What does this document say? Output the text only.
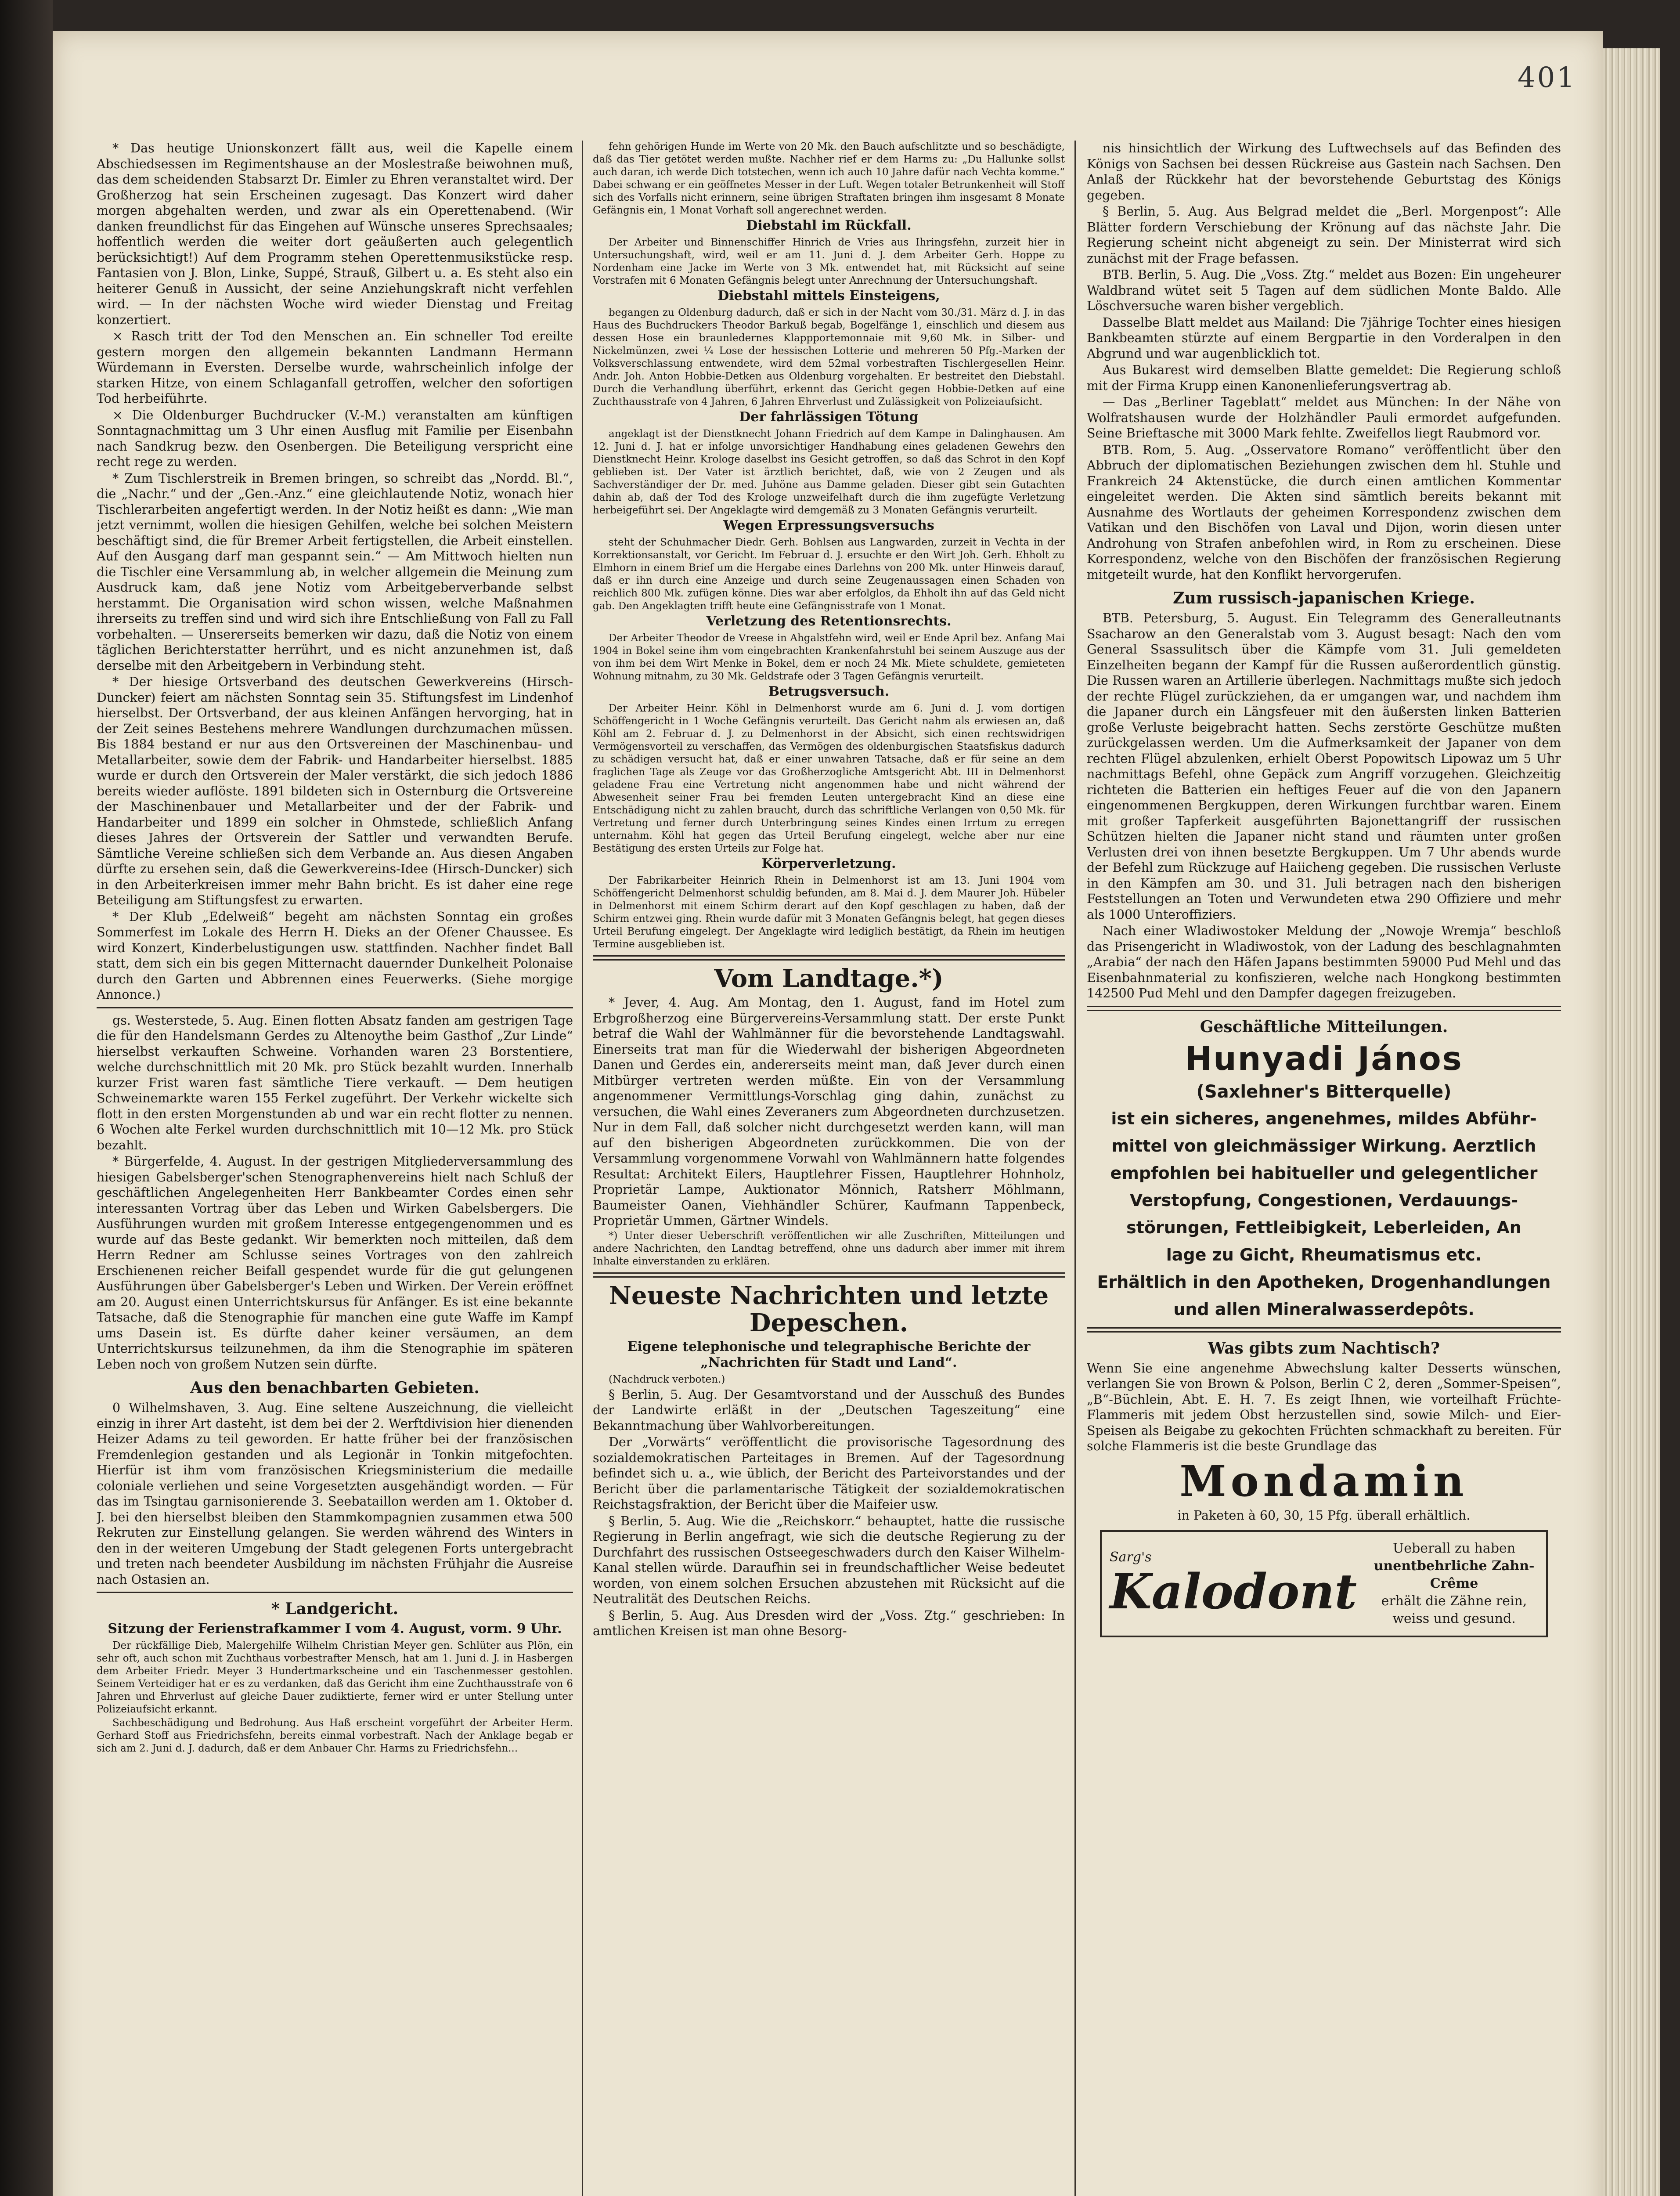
401

* Das heutige Unionskonzert fällt aus, weil die Kapelle einem Abschiedsessen im Regimentshause an der Moslestraße beiwohnen muß, das dem scheidenden Stabsarzt Dr. Eimler zu Ehren veranstaltet wird. Der Großherzog hat sein Erscheinen zugesagt. Das Konzert wird daher morgen abgehalten werden, und zwar als ein Operettenabend. (Wir danken freundlichst für das Eingehen auf Wünsche unseres Sprechsaales; hoffentlich werden die weiter dort geäußerten auch gelegentlich berücksichtigt!) Auf dem Programm stehen Operettenmusikstücke resp. Fantasien von J. Blon, Linke, Suppé, Strauß, Gilbert u. a. Es steht also ein heiterer Genuß in Aussicht, der seine Anziehungskraft nicht verfehlen wird. — In der nächsten Woche wird wieder Dienstag und Freitag konzertiert.

× Rasch tritt der Tod den Menschen an. Ein schneller Tod ereilte gestern morgen den allgemein bekannten Landmann Hermann Würdemann in Eversten. Derselbe wurde, wahrscheinlich infolge der starken Hitze, von einem Schlaganfall getroffen, welcher den sofortigen Tod herbeiführte.

× Die Oldenburger Buchdrucker (V.-M.) veranstalten am künftigen Sonntagnachmittag um 3 Uhr einen Ausflug mit Familie per Eisenbahn nach Sandkrug bezw. den Osenbergen. Die Beteiligung verspricht eine recht rege zu werden.

* Zum Tischlerstreik in Bremen bringen, so schreibt das „Nordd. Bl.“, die „Nachr.“ und der „Gen.-Anz.“ eine gleichlautende Notiz, wonach hier Tischlerarbeiten angefertigt werden. In der Notiz heißt es dann: „Wie man jetzt vernimmt, wollen die hiesigen Gehilfen, welche bei solchen Meistern beschäftigt sind, die für Bremer Arbeit fertigstellen, die Arbeit einstellen. Auf den Ausgang darf man gespannt sein.“ — Am Mittwoch hielten nun die Tischler eine Versammlung ab, in welcher allgemein die Meinung zum Ausdruck kam, daß jene Notiz vom Arbeitgeberverbande selbst herstammt. Die Organisation wird schon wissen, welche Maßnahmen ihrerseits zu treffen sind und wird sich ihre Entschließung von Fall zu Fall vorbehalten. — Unsererseits bemerken wir dazu, daß die Notiz von einem täglichen Berichterstatter herrührt, und es nicht anzunehmen ist, daß derselbe mit den Arbeitgebern in Verbindung steht.

* Der hiesige Ortsverband des deutschen Gewerkvereins (Hirsch-Duncker) feiert am nächsten Sonntag sein 35. Stiftungsfest im Lindenhof hierselbst. Der Ortsverband, der aus kleinen Anfängen hervorging, hat in der Zeit seines Bestehens mehrere Wandlungen durchzumachen müssen. Bis 1884 bestand er nur aus den Ortsvereinen der Maschinenbau- und Metallarbeiter, sowie dem der Fabrik- und Handarbeiter hierselbst. 1885 wurde er durch den Ortsverein der Maler verstärkt, die sich jedoch 1886 bereits wieder auflöste. 1891 bildeten sich in Osternburg die Ortsvereine der Maschinenbauer und Metallarbeiter und der der Fabrik- und Handarbeiter und 1899 ein solcher in Ohmstede, schließlich Anfang dieses Jahres der Ortsverein der Sattler und verwandten Berufe. Sämtliche Vereine schließen sich dem Verbande an. Aus diesen Angaben dürfte zu ersehen sein, daß die Gewerkvereins-Idee (Hirsch-Duncker) sich in den Arbeiterkreisen immer mehr Bahn bricht. Es ist daher eine rege Beteiligung am Stiftungsfest zu erwarten.

* Der Klub „Edelweiß“ begeht am nächsten Sonntag ein großes Sommerfest im Lokale des Herrn H. Dieks an der Ofener Chaussee. Es wird Konzert, Kinderbelustigungen usw. stattfinden. Nachher findet Ball statt, dem sich ein bis gegen Mitternacht dauernder Dunkelheit Polonaise durch den Garten und Abbrennen eines Feuerwerks. (Siehe morgige Annonce.)

gs. Westerstede, 5. Aug. Einen flotten Absatz fanden am gestrigen Tage die für den Handelsmann Gerdes zu Altenoythe beim Gasthof „Zur Linde“ hierselbst verkauften Schweine. Vorhanden waren 23 Borstentiere, welche durchschnittlich mit 20 Mk. pro Stück bezahlt wurden. Innerhalb kurzer Frist waren fast sämtliche Tiere verkauft. — Dem heutigen Schweinemarkte waren 155 Ferkel zugeführt. Der Verkehr wickelte sich flott in den ersten Morgenstunden ab und war ein recht flotter zu nennen. 6 Wochen alte Ferkel wurden durchschnittlich mit 10—12 Mk. pro Stück bezahlt.

* Bürgerfelde, 4. August. In der gestrigen Mitgliederversammlung des hiesigen Gabelsberger'schen Stenographenvereins hielt nach Schluß der geschäftlichen Angelegenheiten Herr Bankbeamter Cordes einen sehr interessanten Vortrag über das Leben und Wirken Gabelsbergers. Die Ausführungen wurden mit großem Interesse entgegengenommen und es wurde auf das Beste gedankt. Wir bemerkten noch mitteilen, daß dem Herrn Redner am Schlusse seines Vortrages von den zahlreich Erschienenen reicher Beifall gespendet wurde für die gut gelungenen Ausführungen über Gabelsberger's Leben und Wirken. Der Verein eröffnet am 20. August einen Unterrichtskursus für Anfänger. Es ist eine bekannte Tatsache, daß die Stenographie für manchen eine gute Waffe im Kampf ums Dasein ist. Es dürfte daher keiner versäumen, an dem Unterrichtskursus teilzunehmen, da ihm die Stenographie im späteren Leben noch von großem Nutzen sein dürfte.

Aus den benachbarten Gebieten.

0 Wilhelmshaven, 3. Aug. Eine seltene Auszeichnung, die vielleicht einzig in ihrer Art dasteht, ist dem bei der 2. Werftdivision hier dienenden Heizer Adams zu teil geworden. Er hatte früher bei der französischen Fremdenlegion gestanden und als Legionär in Tonkin mitgefochten. Hierfür ist ihm vom französischen Kriegsministerium die medaille coloniale verliehen und seine Vorgesetzten ausgehändigt worden. — Für das im Tsingtau garnisonierende 3. Seebataillon werden am 1. Oktober d. J. bei den hierselbst bleiben den Stammkompagnien zusammen etwa 500 Rekruten zur Einstellung gelangen. Sie werden während des Winters in den in der weiteren Umgebung der Stadt gelegenen Forts untergebracht und treten nach beendeter Ausbildung im nächsten Frühjahr die Ausreise nach Ostasien an.

* Landgericht.
Sitzung der Ferienstrafkammer I vom 4. August, vorm. 9 Uhr.

Der rückfällige Dieb, Malergehilfe Wilhelm Christian Meyer gen. Schlüter aus Plön, ein sehr oft, auch schon mit Zuchthaus vorbestrafter Mensch, hat am 1. Juni d. J. in Hasbergen dem Arbeiter Friedr. Meyer 3 Hundertmarkscheine und ein Taschenmesser gestohlen. Seinem Verteidiger hat er es zu verdanken, daß das Gericht ihm eine Zuchthausstrafe von 6 Jahren und Ehrverlust auf gleiche Dauer zudiktierte, ferner wird er unter Stellung unter Polizeiaufsicht erkannt.

Sachbeschädigung und Bedrohung. Aus Haß erscheint vorgeführt der Arbeiter Herm. Gerhard Stoff aus Friedrichsfehn, bereits einmal vorbestraft. Nach der Anklage begab er sich am 2. Juni d. J. dadurch, daß er dem Anbauer Chr. Harms zu Friedrichsfehn...

fehn gehörigen Hunde im Werte von 20 Mk. den Bauch aufschlitzte und so beschädigte, daß das Tier getötet werden mußte. Nachher rief er dem Harms zu: „Du Hallunke sollst auch daran, ich werde Dich totstechen, wenn ich auch 10 Jahre dafür nach Vechta komme.“ Dabei schwang er ein geöffnetes Messer in der Luft. Wegen totaler Betrunkenheit will Stoff sich des Vorfalls nicht erinnern, seine übrigen Straftaten bringen ihm insgesamt 8 Monate Gefängnis ein, 1 Monat Vorhaft soll angerechnet werden.

Diebstahl im Rückfall.

Der Arbeiter und Binnenschiffer Hinrich de Vries aus Ihringsfehn, zurzeit hier in Untersuchungshaft, wird, weil er am 11. Juni d. J. dem Arbeiter Gerh. Hoppe zu Nordenham eine Jacke im Werte von 3 Mk. entwendet hat, mit Rücksicht auf seine Vorstrafen mit 6 Monaten Gefängnis belegt unter Anrechnung der Untersuchungshaft.

Diebstahl mittels Einsteigens,

begangen zu Oldenburg dadurch, daß er sich in der Nacht vom 30./31. März d. J. in das Haus des Buchdruckers Theodor Barkuß begab, Bogelfänge 1, einschlich und diesem aus dessen Hose ein braunledernes Klappportemonnaie mit 9,60 Mk. in Silber- und Nickelmünzen, zwei ¼ Lose der hessischen Lotterie und mehreren 50 Pfg.-Marken der Volksverschlassung entwendete, wird dem 52mal vorbestraften Tischlergesellen Heinr. Andr. Joh. Anton Hobbie-Detken aus Oldenburg vorgehalten. Er bestreitet den Diebstahl. Durch die Verhandlung überführt, erkennt das Gericht gegen Hobbie-Detken auf eine Zuchthausstrafe von 4 Jahren, 6 Jahren Ehrverlust und Zulässigkeit von Polizeiaufsicht.

Der fahrlässigen Tötung

angeklagt ist der Dienstknecht Johann Friedrich auf dem Kampe in Dalinghausen. Am 12. Juni d. J. hat er infolge unvorsichtiger Handhabung eines geladenen Gewehrs den Dienstknecht Heinr. Krologe daselbst ins Gesicht getroffen, so daß das Schrot in den Kopf geblieben ist. Der Vater ist ärztlich berichtet, daß, wie von 2 Zeugen und als Sachverständiger der Dr. med. Juhöne aus Damme geladen. Dieser gibt sein Gutachten dahin ab, daß der Tod des Krologe unzweifelhaft durch die ihm zugefügte Verletzung herbeigeführt sei. Der Angeklagte wird demgemäß zu 3 Monaten Gefängnis verurteilt.

Wegen Erpressungsversuchs

steht der Schuhmacher Diedr. Gerh. Bohlsen aus Langwarden, zurzeit in Vechta in der Korrektionsanstalt, vor Gericht. Im Februar d. J. ersuchte er den Wirt Joh. Gerh. Ehholt zu Elmhorn in einem Brief um die Hergabe eines Darlehns von 200 Mk. unter Hinweis darauf, daß er ihn durch eine Anzeige und durch seine Zeugenaussagen einen Schaden von reichlich 800 Mk. zufügen könne. Dies war aber erfolglos, da Ehholt ihn auf das Geld nicht gab. Den Angeklagten trifft heute eine Gefängnisstrafe von 1 Monat.

Verletzung des Retentionsrechts.

Der Arbeiter Theodor de Vreese in Ahgalstfehn wird, weil er Ende April bez. Anfang Mai 1904 in Bokel seine ihm vom eingebrachten Krankenfahrstuhl bei seinem Auszuge aus der von ihm bei dem Wirt Menke in Bokel, dem er noch 24 Mk. Miete schuldete, gemieteten Wohnung mitnahm, zu 30 Mk. Geldstrafe oder 3 Tagen Gefängnis verurteilt.

Betrugsversuch.

Der Arbeiter Heinr. Köhl in Delmenhorst wurde am 6. Juni d. J. vom dortigen Schöffengericht in 1 Woche Gefängnis verurteilt. Das Gericht nahm als erwiesen an, daß Köhl am 2. Februar d. J. zu Delmenhorst in der Absicht, sich einen rechtswidrigen Vermögensvorteil zu verschaffen, das Vermögen des oldenburgischen Staatsfiskus dadurch zu schädigen versucht hat, daß er einer unwahren Tatsache, daß er für seine an dem fraglichen Tage als Zeuge vor das Großherzogliche Amtsgericht Abt. III in Delmenhorst geladene Frau eine Vertretung nicht angenommen habe und nicht während der Abwesenheit seiner Frau bei fremden Leuten untergebracht Kind an diese eine Entschädigung nicht zu zahlen braucht, durch das schriftliche Verlangen von 0,50 Mk. für Vertretung und ferner durch Unterbringung seines Kindes einen Irrtum zu erregen unternahm. Köhl hat gegen das Urteil Berufung eingelegt, welche aber nur eine Bestätigung des ersten Urteils zur Folge hat.

Körperverletzung.

Der Fabrikarbeiter Heinrich Rhein in Delmenhorst ist am 13. Juni 1904 vom Schöffengericht Delmenhorst schuldig befunden, am 8. Mai d. J. dem Maurer Joh. Hübeler in Delmenhorst mit einem Schirm derart auf den Kopf geschlagen zu haben, daß der Schirm entzwei ging. Rhein wurde dafür mit 3 Monaten Gefängnis belegt, hat gegen dieses Urteil Berufung eingelegt. Der Angeklagte wird lediglich bestätigt, da Rhein im heutigen Termine ausgeblieben ist.

Vom Landtage.*)

* Jever, 4. Aug. Am Montag, den 1. August, fand im Hotel zum Erbgroßherzog eine Bürgervereins-Versammlung statt. Der erste Punkt betraf die Wahl der Wahlmänner für die bevorstehende Landtagswahl. Einerseits trat man für die Wiederwahl der bisherigen Abgeordneten Danen und Gerdes ein, andererseits meint man, daß Jever durch einen Mitbürger vertreten werden müßte. Ein von der Versammlung angenommener Vermittlungs-Vorschlag ging dahin, zunächst zu versuchen, die Wahl eines Zeveraners zum Abgeordneten durchzusetzen. Nur in dem Fall, daß solcher nicht durchgesetzt werden kann, will man auf den bisherigen Abgeordneten zurückkommen. Die von der Versammlung vorgenommene Vorwahl von Wahlmännern hatte folgendes Resultat: Architekt Eilers, Hauptlehrer Fissen, Hauptlehrer Hohnholz, Proprietär Lampe, Auktionator Mönnich, Ratsherr Möhlmann, Baumeister Oanen, Viehhändler Schürer, Kaufmann Tappenbeck, Proprietär Ummen, Gärtner Windels.

*) Unter dieser Ueberschrift veröffentlichen wir alle Zuschriften, Mitteilungen und andere Nachrichten, den Landtag betreffend, ohne uns dadurch aber immer mit ihrem Inhalte einverstanden zu erklären.

Neueste Nachrichten und letzte Depeschen.
Eigene telephonische und telegraphische Berichte der „Nachrichten für Stadt und Land“.

(Nachdruck verboten.)

§ Berlin, 5. Aug. Der Gesamtvorstand und der Ausschuß des Bundes der Landwirte erläßt in der „Deutschen Tageszeitung“ eine Bekanntmachung über Wahlvorbereitungen.

Der „Vorwärts“ veröffentlicht die provisorische Tagesordnung des sozialdemokratischen Parteitages in Bremen. Auf der Tagesordnung befindet sich u. a., wie üblich, der Bericht des Parteivorstandes und der Bericht über die parlamentarische Tätigkeit der sozialdemokratischen Reichstagsfraktion, der Bericht über die Maifeier usw.

§ Berlin, 5. Aug. Wie die „Reichskorr.“ behauptet, hatte die russische Regierung in Berlin angefragt, wie sich die deutsche Regierung zu der Durchfahrt des russischen Ostseegeschwaders durch den Kaiser Wilhelm-Kanal stellen würde. Daraufhin sei in freundschaftlicher Weise bedeutet worden, von einem solchen Ersuchen abzustehen mit Rücksicht auf die Neutralität des Deutschen Reichs.

§ Berlin, 5. Aug. Aus Dresden wird der „Voss. Ztg.“ geschrieben: In amtlichen Kreisen ist man ohne Besorg-

nis hinsichtlich der Wirkung des Luftwechsels auf das Befinden des Königs von Sachsen bei dessen Rückreise aus Gastein nach Sachsen. Den Anlaß der Rückkehr hat der bevorstehende Geburtstag des Königs gegeben.

§ Berlin, 5. Aug. Aus Belgrad meldet die „Berl. Morgenpost“: Alle Blätter fordern Verschiebung der Krönung auf das nächste Jahr. Die Regierung scheint nicht abgeneigt zu sein. Der Ministerrat wird sich zunächst mit der Frage befassen.

BTB. Berlin, 5. Aug. Die „Voss. Ztg.“ meldet aus Bozen: Ein ungeheurer Waldbrand wütet seit 5 Tagen auf dem südlichen Monte Baldo. Alle Löschversuche waren bisher vergeblich.

Dasselbe Blatt meldet aus Mailand: Die 7jährige Tochter eines hiesigen Bankbeamten stürzte auf einem Bergpartie in den Vorderalpen in den Abgrund und war augenblicklich tot.

Aus Bukarest wird demselben Blatte gemeldet: Die Regierung schloß mit der Firma Krupp einen Kanonenlieferungsvertrag ab.

— Das „Berliner Tageblatt“ meldet aus München: In der Nähe von Wolfratshausen wurde der Holzhändler Pauli ermordet aufgefunden. Seine Brieftasche mit 3000 Mark fehlte. Zweifellos liegt Raubmord vor.

BTB. Rom, 5. Aug. „Osservatore Romano“ veröffentlicht über den Abbruch der diplomatischen Beziehungen zwischen dem hl. Stuhle und Frankreich 24 Aktenstücke, die durch einen amtlichen Kommentar eingeleitet werden. Die Akten sind sämtlich bereits bekannt mit Ausnahme des Wortlauts der geheimen Korrespondenz zwischen dem Vatikan und den Bischöfen von Laval und Dijon, worin diesen unter Androhung von Strafen anbefohlen wird, in Rom zu erscheinen. Diese Korrespondenz, welche von den Bischöfen der französischen Regierung mitgeteilt wurde, hat den Konflikt hervorgerufen.

Zum russisch-japanischen Kriege.

BTB. Petersburg, 5. August. Ein Telegramm des Generalleutnants Ssacharow an den Generalstab vom 3. August besagt: Nach den vom General Ssassulitsch über die Kämpfe vom 31. Juli gemeldeten Einzelheiten begann der Kampf für die Russen außerordentlich günstig. Die Russen waren an Artillerie überlegen. Nachmittags mußte sich jedoch der rechte Flügel zurückziehen, da er umgangen war, und nachdem ihm die Japaner durch ein Längsfeuer mit den äußersten linken Batterien große Verluste beigebracht hatten. Sechs zerstörte Geschütze mußten zurückgelassen werden. Um die Aufmerksamkeit der Japaner von dem rechten Flügel abzulenken, erhielt Oberst Popowitsch Lipowaz um 5 Uhr nachmittags Befehl, ohne Gepäck zum Angriff vorzugehen. Gleichzeitig richteten die Batterien ein heftiges Feuer auf die von den Japanern eingenommenen Bergkuppen, deren Wirkungen furchtbar waren. Einem mit großer Tapferkeit ausgeführten Bajonettangriff der russischen Schützen hielten die Japaner nicht stand und räumten unter großen Verlusten drei von ihnen besetzte Bergkuppen. Um 7 Uhr abends wurde der Befehl zum Rückzuge auf Haiicheng gegeben. Die russischen Verluste in den Kämpfen am 30. und 31. Juli betragen nach den bisherigen Feststellungen an Toten und Verwundeten etwa 290 Offiziere und mehr als 1000 Unteroffiziers.

Nach einer Wladiwostoker Meldung der „Nowoje Wremja“ beschloß das Prisengericht in Wladiwostok, von der Ladung des beschlagnahmten „Arabia“ der nach den Häfen Japans bestimmten 59000 Pud Mehl und das Eisenbahnmaterial zu konfiszieren, welche nach Hongkong bestimmten 142500 Pud Mehl und den Dampfer dagegen freizugeben.

Geschäftliche Mitteilungen.
Hunyadi János
(Saxlehner's Bitterquelle)

ist ein sicheres, angenehmes, mildes Abführ-

mittel von gleichmässiger Wirkung. Aerztlich

empfohlen bei habitueller und gelegentlicher

Verstopfung, Congestionen, Verdauungs-

störungen, Fettleibigkeit, Leberleiden, An

lage zu Gicht, Rheumatismus etc.

Erhältlich in den Apotheken, Drogenhandlungen

und allen Mineralwasserdepôts.

Was gibts zum Nachtisch?

Wenn Sie eine angenehme Abwechslung kalter Desserts wünschen, verlangen Sie von Brown & Polson, Berlin C 2, deren „Sommer-Speisen“, „B“-Büchlein, Abt. E. H. 7. Es zeigt Ihnen, wie vorteilhaft Früchte-Flammeris mit jedem Obst herzustellen sind, sowie Milch- und Eier-Speisen als Beigabe zu gekochten Früchten schmackhaft zu bereiten. Für solche Flammeris ist die beste Grundlage das

Mondamin

in Paketen à 60, 30, 15 Pfg. überall erhältlich.

Sarg's
Kalodont
Ueberall zu haben
unentbehrliche Zahn-Crême
erhält die Zähne rein, weiss und gesund.
